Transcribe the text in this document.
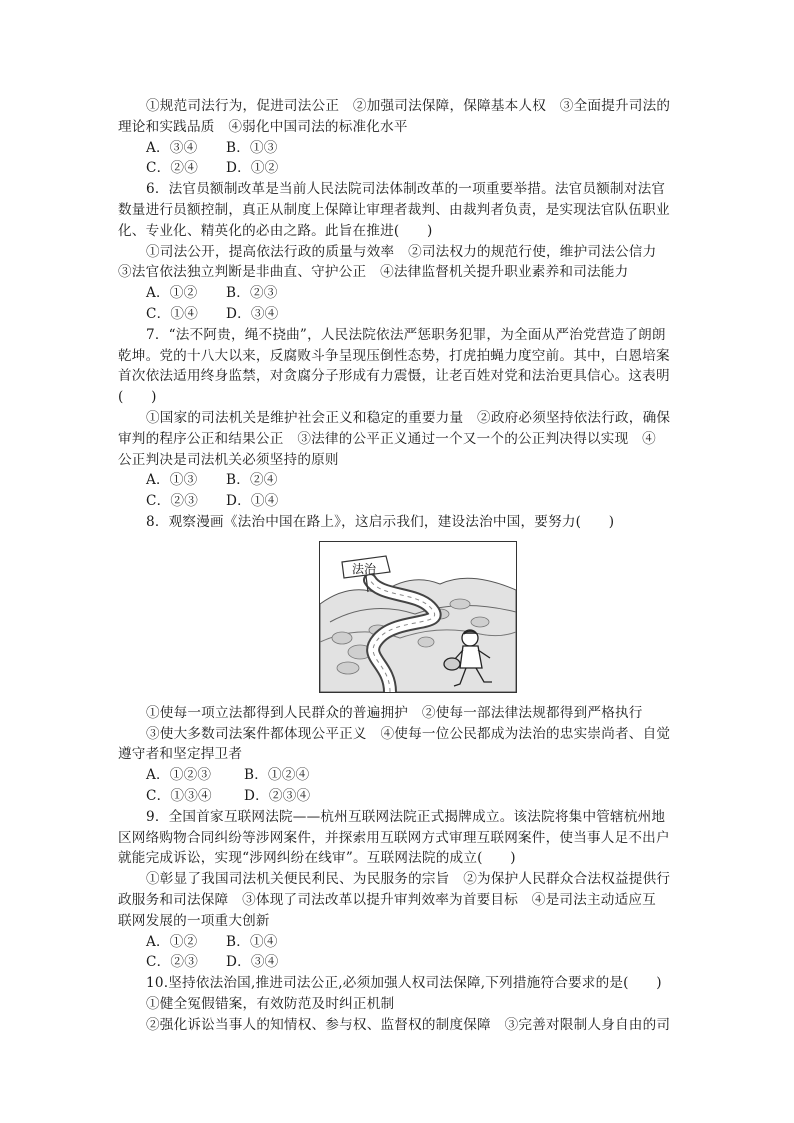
①规范司法行为，促进司法公正　②加强司法保障，保障基本人权　③全面提升司法的
理论和实践品质　④弱化中国司法的标准化水平
A．③④ B．①③
C．②④ D．①②
6．法官员额制改革是当前人民法院司法体制改革的一项重要举措。法官员额制对法官
数量进行员额控制，真正从制度上保障让审理者裁判、由裁判者负责，是实现法官队伍职业
化、专业化、精英化的必由之路。此旨在推进(　　)
①司法公开，提高依法行政的质量与效率　②司法权力的规范行使，维护司法公信力
③法官依法独立判断是非曲直、守护公正　④法律监督机关提升职业素养和司法能力
A．①② B．②③
C．①④ D．③④
7．“法不阿贵，绳不挠曲”，人民法院依法严惩职务犯罪，为全面从严治党营造了朗朗
乾坤。党的十八大以来，反腐败斗争呈现压倒性态势，打虎拍蝇力度空前。其中，白恩培案
首次依法适用终身监禁，对贪腐分子形成有力震慑，让老百姓对党和法治更具信心。这表明
(　　)
①国家的司法机关是维护社会正义和稳定的重要力量　②政府必须坚持依法行政，确保
审判的程序公正和结果公正　③法律的公平正义通过一个又一个的公正判决得以实现　④
公正判决是司法机关必须坚持的原则
A．①③ B．②④
C．②③ D．①④
8．观察漫画《法治中国在路上》，这启示我们，建设法治中国，要努力(　　)
法治
①使每一项立法都得到人民群众的普遍拥护　②使每一部法律法规都得到严格执行
③使大多数司法案件都体现公平正义　④使每一位公民都成为法治的忠实崇尚者、自觉
遵守者和坚定捍卫者
A．①②③ B．①②④
C．①③④ D．②③④
9．全国首家互联网法院——杭州互联网法院正式揭牌成立。该法院将集中管辖杭州地
区网络购物合同纠纷等涉网案件，并探索用互联网方式审理互联网案件，使当事人足不出户
就能完成诉讼，实现“涉网纠纷在线审”。互联网法院的成立(　　)
①彰显了我国司法机关便民利民、为民服务的宗旨　②为保护人民群众合法权益提供行
政服务和司法保障　③体现了司法改革以提升审判效率为首要目标　④是司法主动适应互
联网发展的一项重大创新
A．①② B．①④
C．②③ D．③④
10.坚持依法治国,推进司法公正,必须加强人权司法保障,下列措施符合要求的是(　　)
①健全冤假错案，有效防范及时纠正机制
②强化诉讼当事人的知情权、参与权、监督权的制度保障　③完善对限制人身自由的司
